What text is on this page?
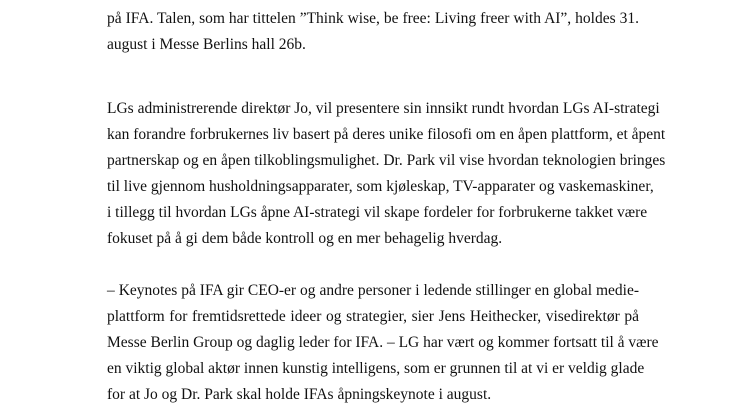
på IFA. Talen, som har tittelen ”Think wise, be free: Living freer with AI”, holdes 31.
august i Messe Berlins hall 26b.
LGs administrerende direktør Jo, vil presentere sin innsikt rundt hvordan LGs AI-strategi
kan forandre forbrukernes liv basert på deres unike filosofi om en åpen plattform, et åpent
partnerskap og en åpen tilkoblingsmulighet. Dr. Park vil vise hvordan teknologien bringes
til live gjennom husholdningsapparater, som kjøleskap, TV-apparater og vaskemaskiner,
i tillegg til hvordan LGs åpne AI-strategi vil skape fordeler for forbrukerne takket være
fokuset på å gi dem både kontroll og en mer behagelig hverdag.
– Keynotes på IFA gir CEO-er og andre personer i ledende stillinger en global medie-
plattform for fremtidsrettede ideer og strategier, sier Jens Heithecker, visedirektør på
Messe Berlin Group og daglig leder for IFA. – LG har vært og kommer fortsatt til å være
en viktig global aktør innen kunstig intelligens, som er grunnen til at vi er veldig glade
for at Jo og Dr. Park skal holde IFAs åpningskeynote i august.
